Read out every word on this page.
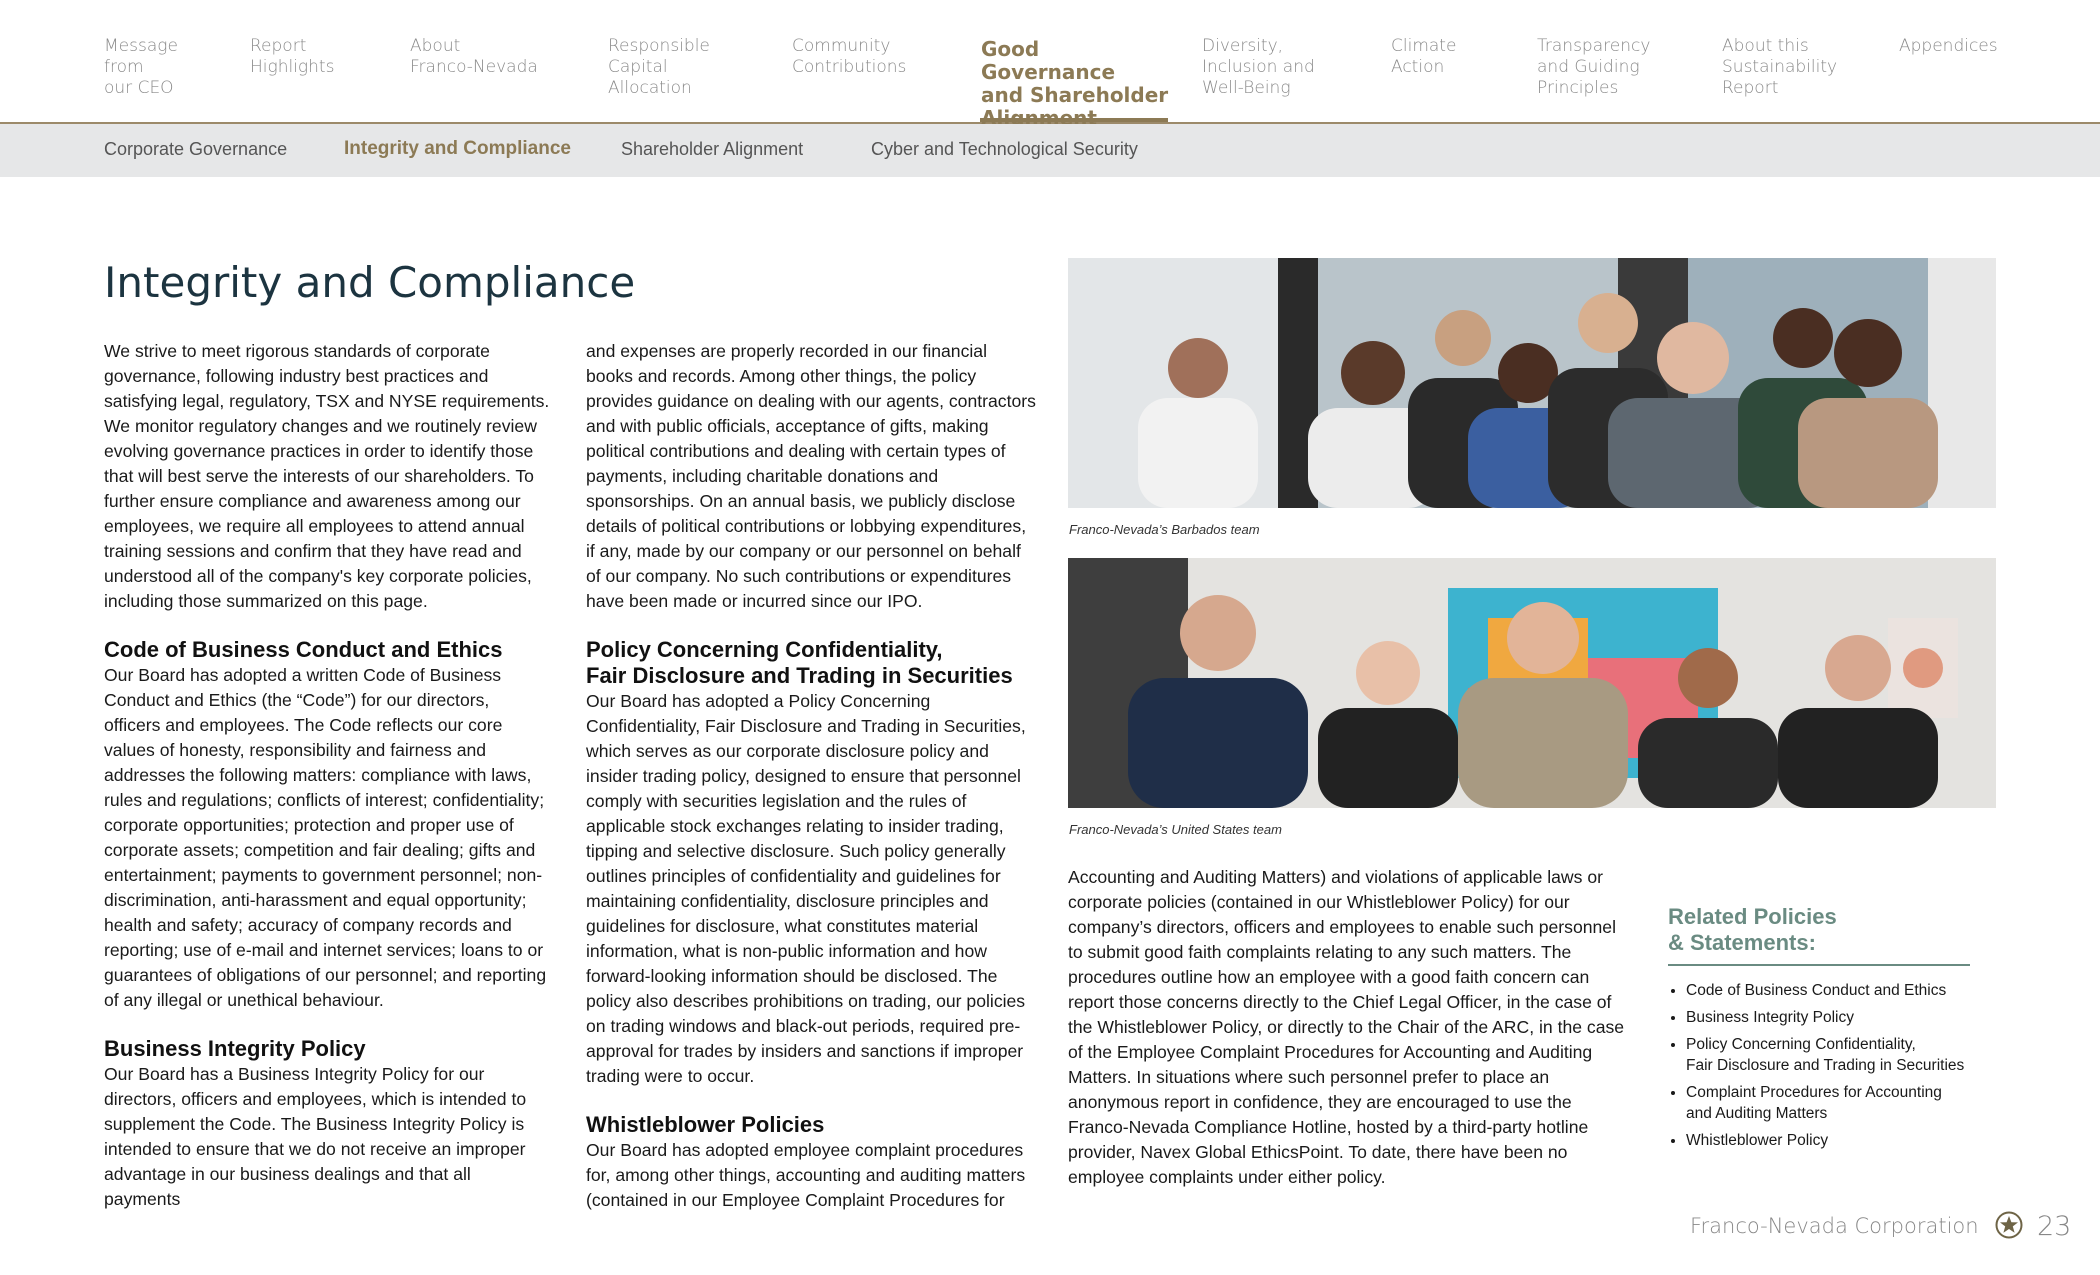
Message
from
our CEO
Report
Highlights
About
Franco-Nevada
Responsible
Capital
Allocation
Community
Contributions
Good Governance
and Shareholder

Diversity,
Inclusion and
Well-Being
Climate
Action
Transparency
and Guiding
Principles
About this
Sustainability
Report
Appendices
Corporate Governance	Integrity and Compliance	Shareholder Alignment	Cyber and Technological Security
Integrity and Compliance

We strive to meet rigorous standards of corporate governance, following industry best practices and satisfying legal, regulatory, TSX and NYSE requirements. We monitor regulatory changes and we routinely review evolving governance practices in order to identify those that will best serve the interests of our shareholders. To further ensure compliance and awareness among our employees, we require all employees to attend annual training sessions and confirm that they have read and understood all of the company's key corporate policies, including those summarized on this page.

Code of Business Conduct and Ethics

Our Board has adopted a written Code of Business Conduct and Ethics (the “Code”) for our directors, officers and employees. The Code reflects our core values of honesty, responsibility and fairness and addresses the following matters: compliance with laws, rules and regulations; conflicts of interest; confidentiality; corporate opportunities; protection and proper use of corporate assets; competition and fair dealing; gifts and entertainment; payments to government personnel; non-discrimination, anti-harassment and equal opportunity; health and safety; accuracy of company records and reporting; use of e-mail and internet services; loans to or guarantees of obligations of our personnel; and reporting of any illegal or unethical behaviour.

Business Integrity Policy

Our Board has a Business Integrity Policy for our directors, officers and employees, which is intended to supplement the Code. The Business Integrity Policy is intended to ensure that we do not receive an improper advantage in our business dealings and that all payments

and expenses are properly recorded in our financial books and records. Among other things, the policy provides guidance on dealing with our agents, contractors and with public officials, acceptance of gifts, making political contributions and dealing with certain types of payments, including charitable donations and sponsorships. On an annual basis, we publicly disclose details of political contributions or lobbying expenditures, if any, made by our company or our personnel on behalf of our company. No such contributions or expenditures have been made or incurred since our IPO.

Policy Concerning Confidentiality,
Fair Disclosure and Trading in Securities

Our Board has adopted a Policy Concerning Confidentiality, Fair Disclosure and Trading in Securities, which serves as our corporate disclosure policy and insider trading policy, designed to ensure that personnel comply with securities legislation and the rules of applicable stock exchanges relating to insider trading, tipping and selective disclosure. Such policy generally outlines principles of confidentiality and guidelines for maintaining confidentiality, disclosure principles and guidelines for disclosure, what constitutes material information, what is non-public information and how forward-looking information should be disclosed. The policy also describes prohibitions on trading, our policies on trading windows and black-out periods, required pre-approval for trades by insiders and sanctions if improper trading were to occur.

Whistleblower Policies

Our Board has adopted employee complaint procedures for, among other things, accounting and auditing matters (contained in our Employee Complaint Procedures for

Franco-Nevada’s Barbados team
Franco-Nevada’s United States team

Accounting and Auditing Matters) and violations of applicable laws or corporate policies (contained in our Whistleblower Policy) for our company’s directors, officers and employees to enable such personnel to submit good faith complaints relating to any such matters. The procedures outline how an employee with a good faith concern can report those concerns directly to the Chief Legal Officer, in the case of the Whistleblower Policy, or directly to the Chair of the ARC, in the case of the Employee Complaint Procedures for Accounting and Auditing Matters. In situations where such personnel prefer to place an anonymous report in confidence, they are encouraged to use the Franco-Nevada Compliance Hotline, hosted by a third-party hotline provider, Navex Global EthicsPoint. To date, there have been no employee complaints under either policy.

Related Policies
& Statements:
• Code of Business Conduct and Ethics
• Business Integrity Policy
• Policy Concerning Confidentiality,
Fair Disclosure and Trading in Securities
• Complaint Procedures for Accounting
and Auditing Matters
• Whistleblower Policy
Franco-Nevada Corporation 23
